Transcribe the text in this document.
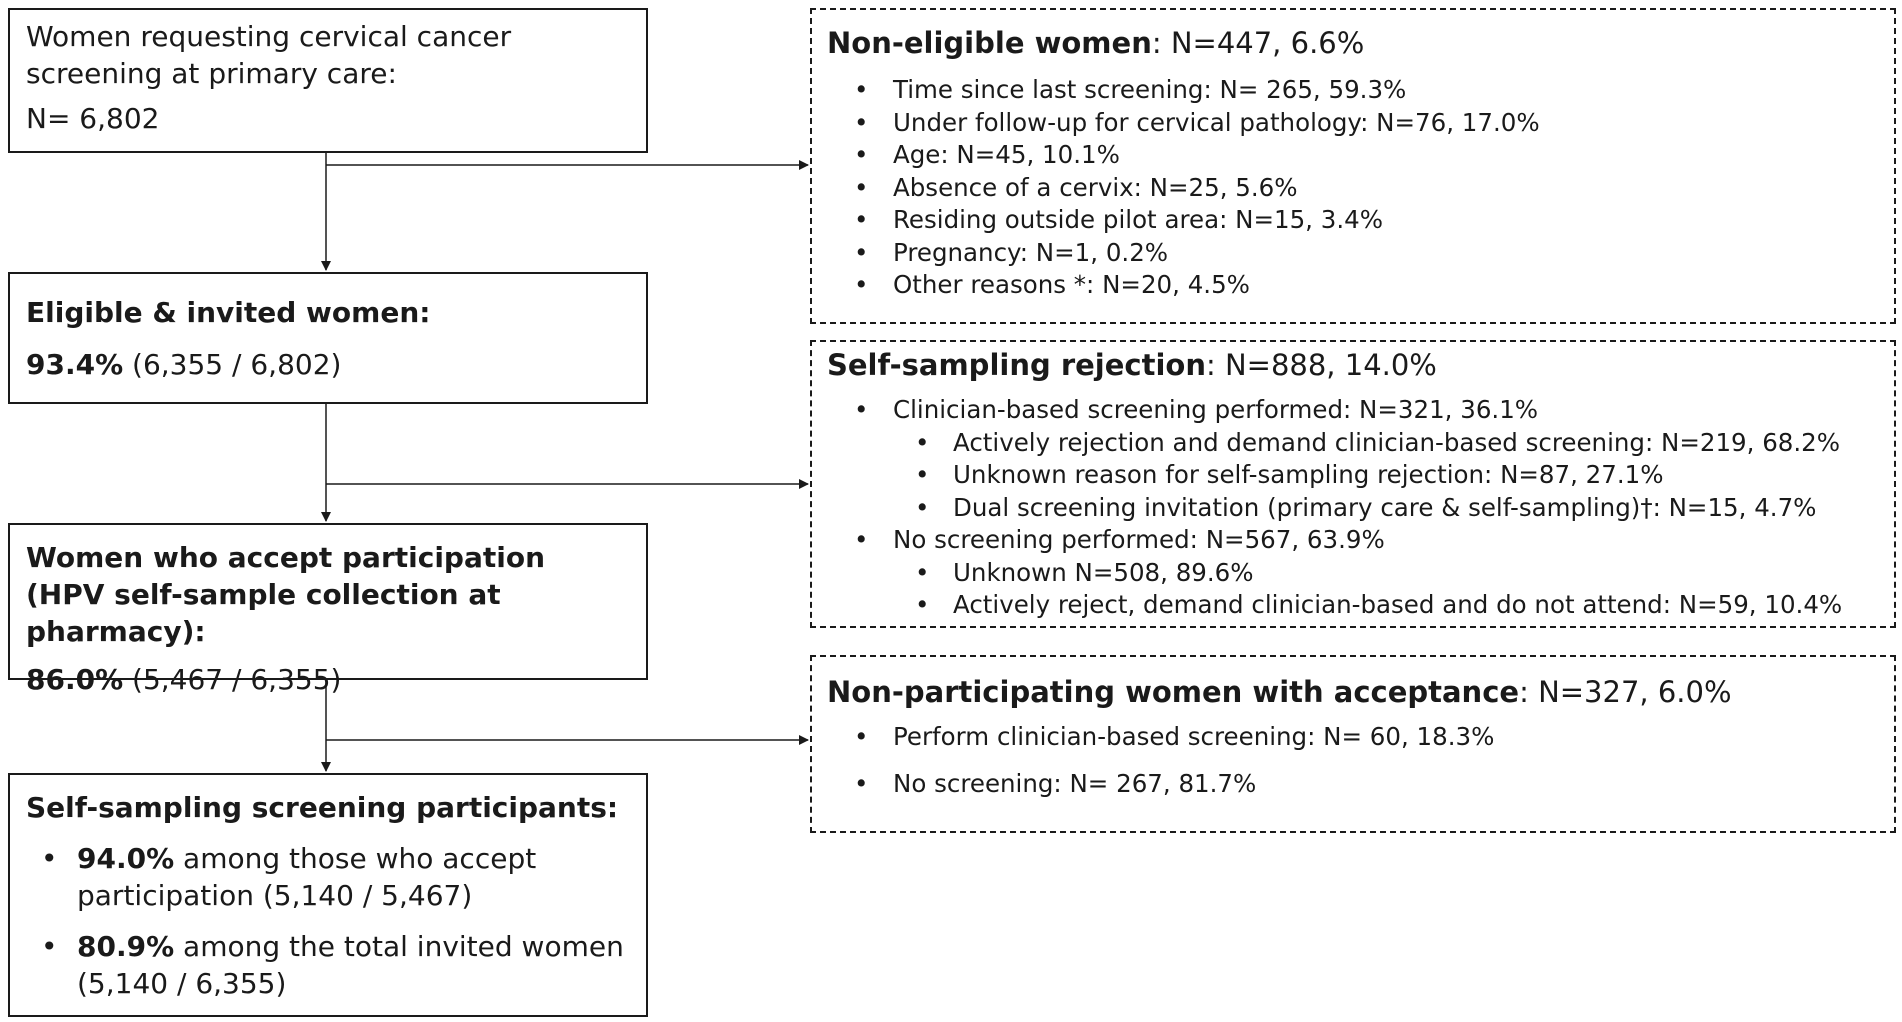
Women requesting cervical cancer screening at primary care:

N= 6,802

Eligible & invited women:

93.4% (6,355 / 6,802)

Women who accept participation (HPV self-sample collection at pharmacy):

86.0% (5,467 / 6,355)

Self-sampling screening participants:

• 94.0% among those who accept participation (5,140 / 5,467)
• 80.9% among the total invited women (5,140 / 6,355)

Non-eligible women: N=447, 6.6%

• Time since last screening: N= 265, 59.3%
• Under follow-up for cervical pathology: N=76, 17.0%
• Age: N=45, 10.1%
• Absence of a cervix: N=25, 5.6%
• Residing outside pilot area: N=15, 3.4%
• Pregnancy: N=1, 0.2%
• Other reasons *: N=20, 4.5%

Self-sampling rejection: N=888, 14.0%

• Clinician-based screening performed: N=321, 36.1%
• Actively rejection and demand clinician-based screening: N=219, 68.2%
• Unknown reason for self-sampling rejection: N=87, 27.1%
• Dual screening invitation (primary care & self-sampling)†: N=15, 4.7%
• No screening performed: N=567, 63.9%
• Unknown N=508, 89.6%
• Actively reject, demand clinician-based and do not attend: N=59, 10.4%

Non-participating women with acceptance: N=327, 6.0%

• Perform clinician-based screening: N= 60, 18.3%
• No screening: N= 267, 81.7%
